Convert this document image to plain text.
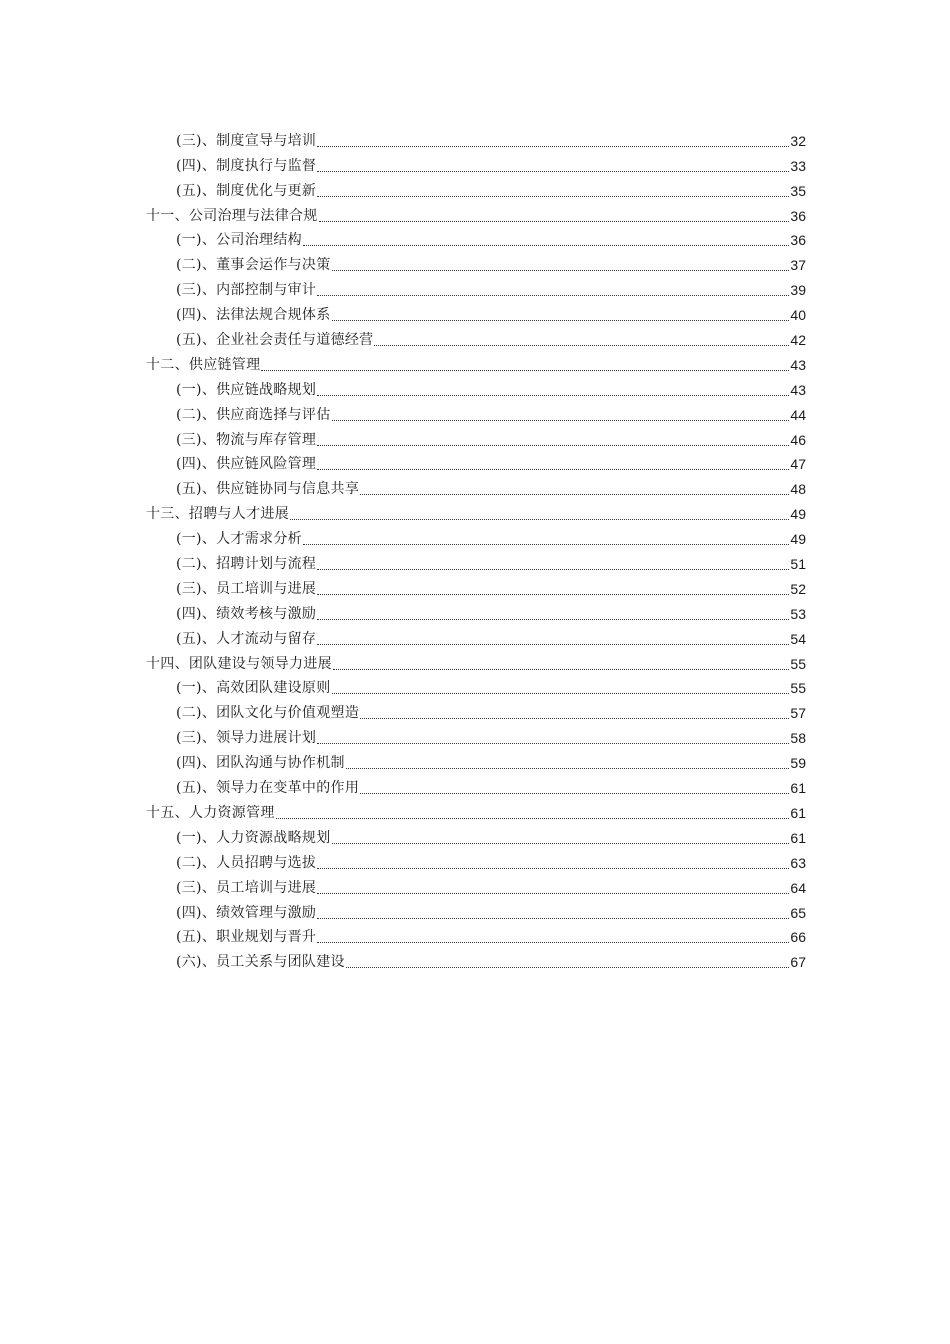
(三)、制度宣导与培训	32
(四)、制度执行与监督	33
(五)、制度优化与更新	35
十一、公司治理与法律合规	36
(一)、公司治理结构	36
(二)、董事会运作与决策	37
(三)、内部控制与审计	39
(四)、法律法规合规体系	40
(五)、企业社会责任与道德经营	42
十二、供应链管理	43
(一)、供应链战略规划	43
(二)、供应商选择与评估	44
(三)、物流与库存管理	46
(四)、供应链风险管理	47
(五)、供应链协同与信息共享	48
十三、招聘与人才进展	49
(一)、人才需求分析	49
(二)、招聘计划与流程	51
(三)、员工培训与进展	52
(四)、绩效考核与激励	53
(五)、人才流动与留存	54
十四、团队建设与领导力进展	55
(一)、高效团队建设原则	55
(二)、团队文化与价值观塑造	57
(三)、领导力进展计划	58
(四)、团队沟通与协作机制	59
(五)、领导力在变革中的作用	61
十五、人力资源管理	61
(一)、人力资源战略规划	61
(二)、人员招聘与选拔	63
(三)、员工培训与进展	64
(四)、绩效管理与激励	65
(五)、职业规划与晋升	66
(六)、员工关系与团队建设	67
